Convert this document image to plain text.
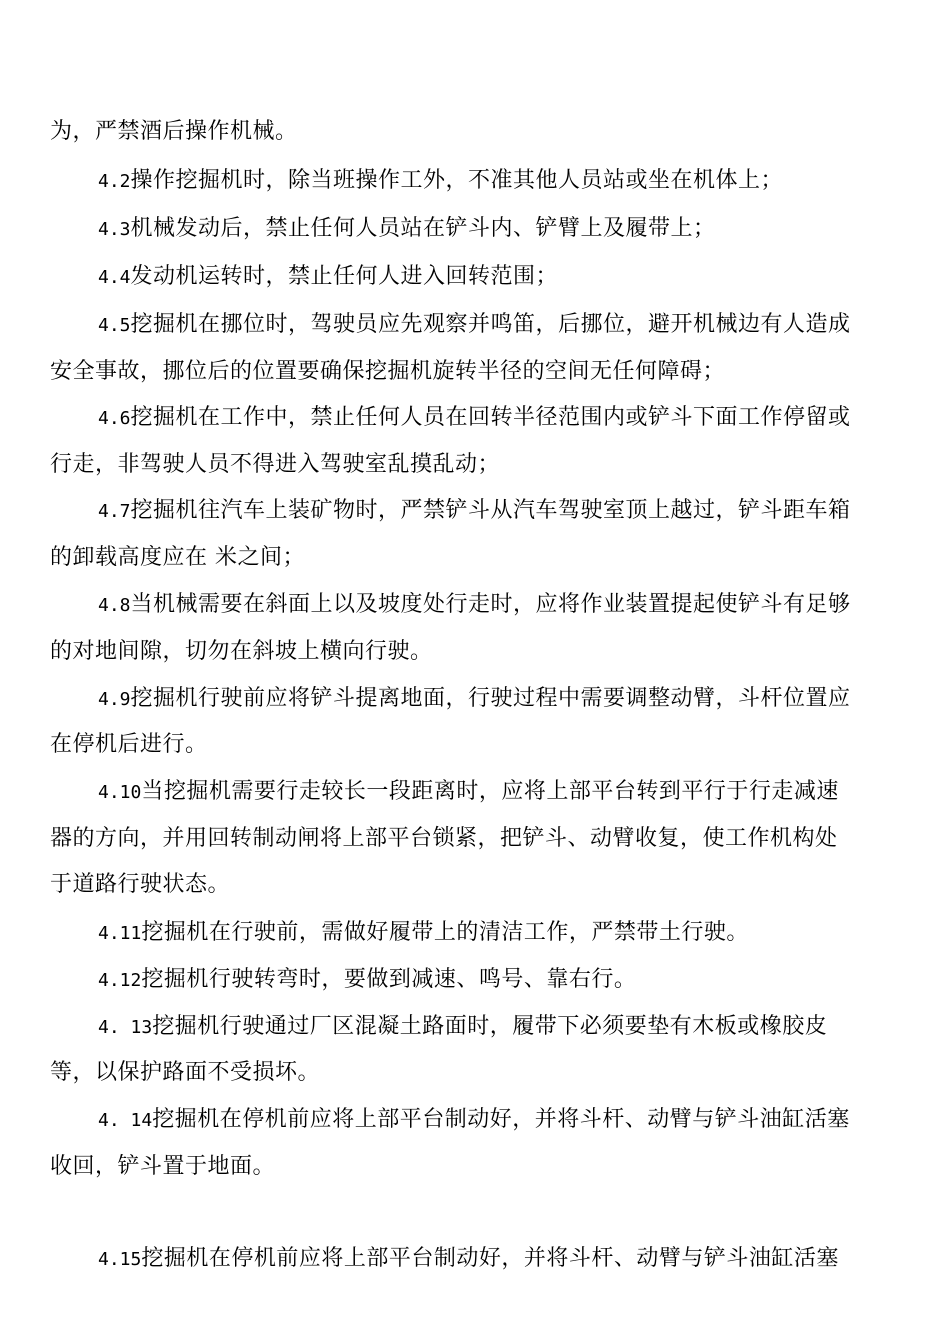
为，严禁酒后操作机械。
4.2操作挖掘机时，除当班操作工外，不准其他人员站或坐在机体上；
4.3机械发动后，禁止任何人员站在铲斗内、铲臂上及履带上；
4.4发动机运转时，禁止任何人进入回转范围；
4.5挖掘机在挪位时，驾驶员应先观察并鸣笛，后挪位，避开机械边有人造成
安全事故，挪位后的位置要确保挖掘机旋转半径的空间无任何障碍；
4.6挖掘机在工作中，禁止任何人员在回转半径范围内或铲斗下面工作停留或
行走，非驾驶人员不得进入驾驶室乱摸乱动；
4.7挖掘机往汽车上装矿物时，严禁铲斗从汽车驾驶室顶上越过，铲斗距车箱
的卸载高度应在 米之间；
4.8当机械需要在斜面上以及坡度处行走时，应将作业装置提起使铲斗有足够
的对地间隙，切勿在斜坡上横向行驶。
4.9挖掘机行驶前应将铲斗提离地面，行驶过程中需要调整动臂，斗杆位置应
在停机后进行。
4.10当挖掘机需要行走较长一段距离时，应将上部平台转到平行于行走减速
器的方向，并用回转制动闸将上部平台锁紧，把铲斗、动臂收复，使工作机构处
于道路行驶状态。
4.11挖掘机在行驶前，需做好履带上的清洁工作，严禁带土行驶。
4.12挖掘机行驶转弯时，要做到减速、鸣号、靠右行。
4. 13挖掘机行驶通过厂区混凝土路面时，履带下必须要垫有木板或橡胶皮
等，以保护路面不受损坏。
4. 14挖掘机在停机前应将上部平台制动好，并将斗杆、动臂与铲斗油缸活塞
收回，铲斗置于地面。
4.15挖掘机在停机前应将上部平台制动好，并将斗杆、动臂与铲斗油缸活塞
